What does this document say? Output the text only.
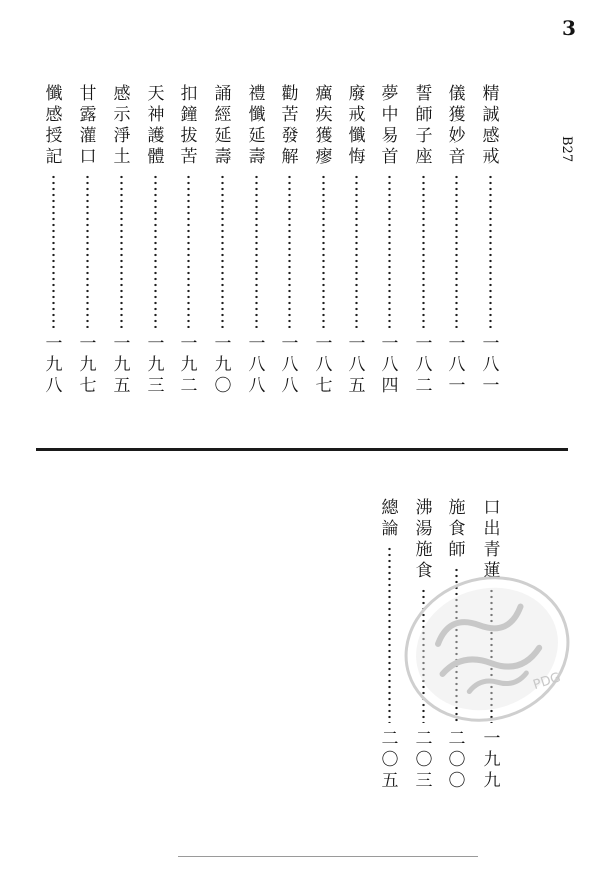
3
B27
精誠感戒
一八一
儀獲妙音
一八一
誓師子座
一八二
夢中易首
一八四
廢戒懺悔
一八五
癘疾獲瘳
一八七
勸苦發解
一八八
禮懺延壽
一八八
誦經延壽
一九〇
扣鐘拔苦
一九二
天神護體
一九三
感示淨土
一九五
甘露灌口
一九七
懺感授記
一九八
口出青蓮
一九九
施食師
二〇〇
沸湯施食
二〇三
總論
二〇五
PDG
